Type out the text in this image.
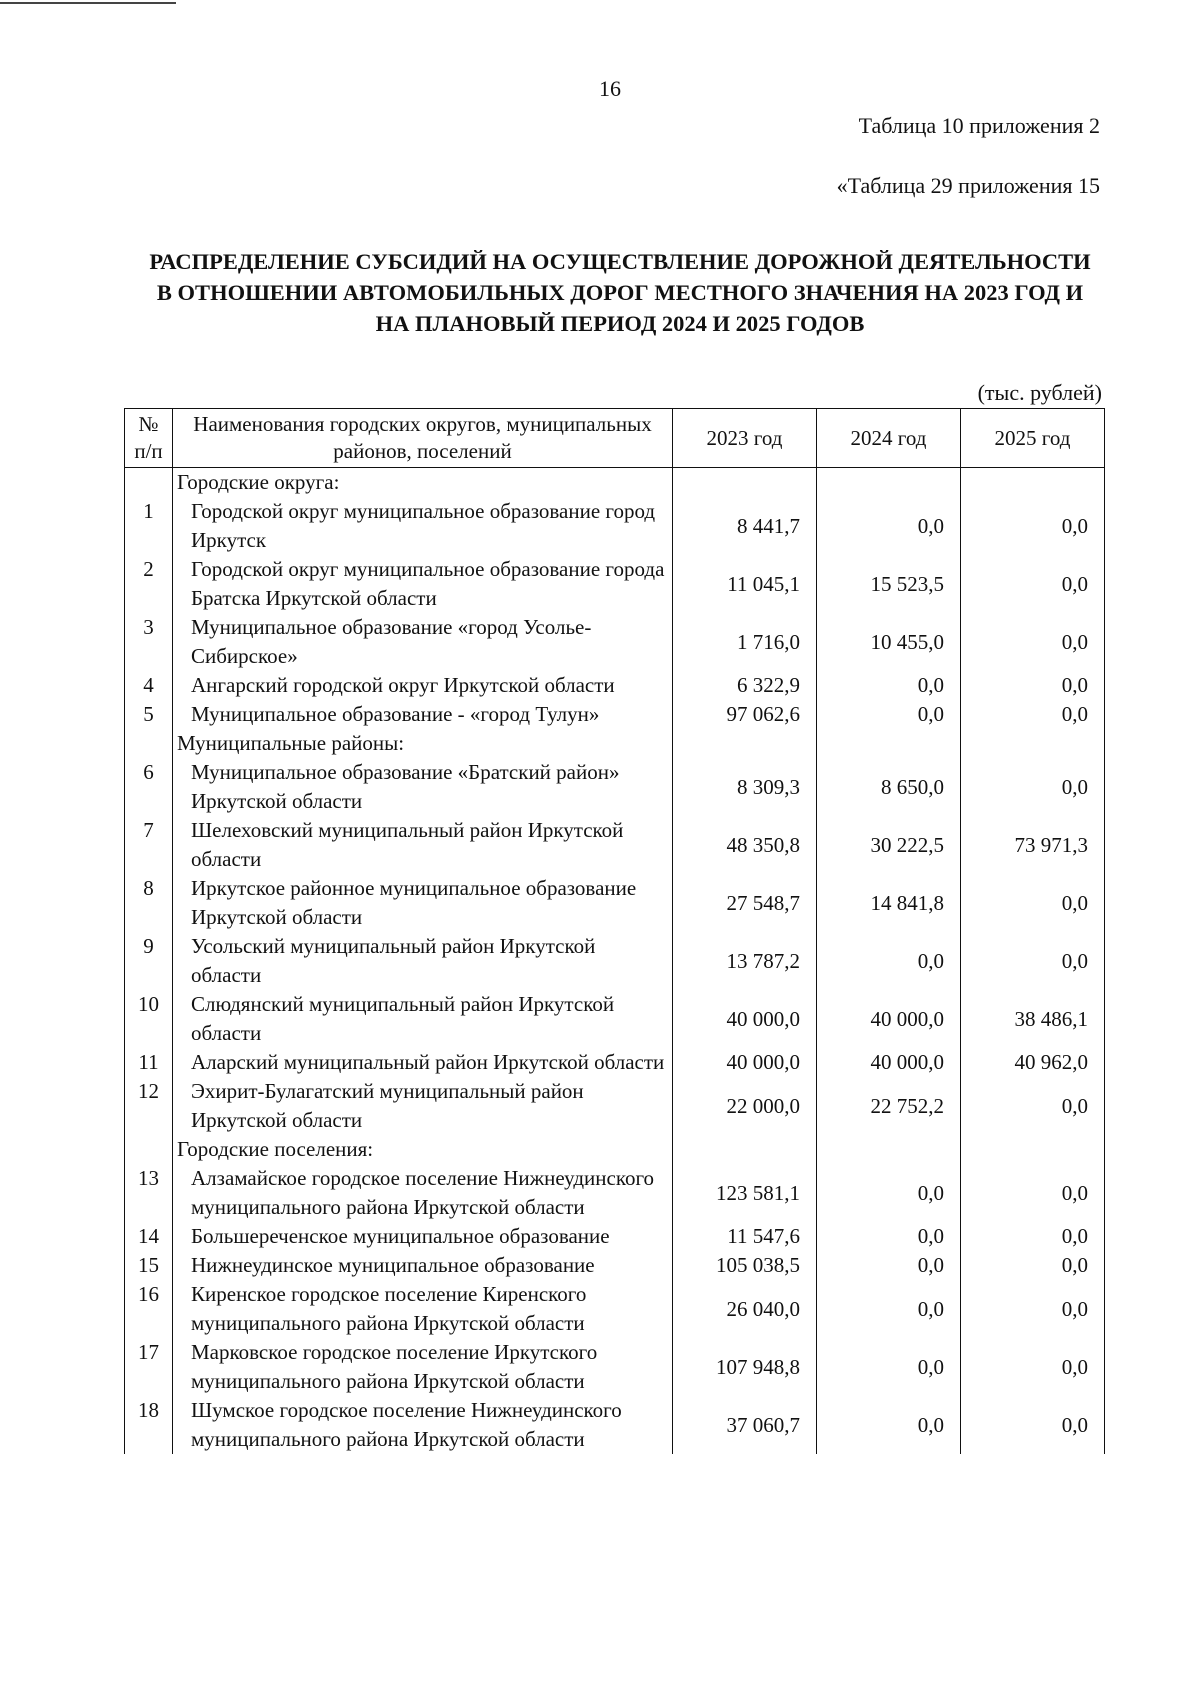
16
Таблица 10 приложения 2
«Таблица 29 приложения 15
РАСПРЕДЕЛЕНИЕ СУБСИДИЙ НА ОСУЩЕСТВЛЕНИЕ ДОРОЖНОЙ ДЕЯТЕЛЬНОСТИ В ОТНОШЕНИИ АВТОМОБИЛЬНЫХ ДОРОГ МЕСТНОГО ЗНАЧЕНИЯ НА 2023 ГОД И НА ПЛАНОВЫЙ ПЕРИОД 2024 И 2025 ГОДОВ
(тыс. рублей)
№ п/п	Наименования городских округов, муниципальных районов, поселений	2023 год	2024 год	2025 год
	Городские округа:			
1	Городской округ муниципальное образование город Иркутск	8 441,7	0,0	0,0
2	Городской округ муниципальное образование города Братска Иркутской области	11 045,1	15 523,5	0,0
3	Муниципальное образование «город Усолье-Сибирское»	1 716,0	10 455,0	0,0
4	Ангарский городской округ Иркутской области	6 322,9	0,0	0,0
5	Муниципальное образование - «город Тулун»	97 062,6	0,0	0,0
	Муниципальные районы:			
6	Муниципальное образование «Братский район» Иркутской области	8 309,3	8 650,0	0,0
7	Шелеховский муниципальный район Иркутской области	48 350,8	30 222,5	73 971,3
8	Иркутское районное муниципальное образование Иркутской области	27 548,7	14 841,8	0,0
9	Усольский муниципальный район Иркутской области	13 787,2	0,0	0,0
10	Слюдянский муниципальный район Иркутской области	40 000,0	40 000,0	38 486,1
11	Аларский муниципальный район Иркутской области	40 000,0	40 000,0	40 962,0
12	Эхирит-Булагатский муниципальный район Иркутской области	22 000,0	22 752,2	0,0
	Городские поселения:			
13	Алзамайское городское поселение Нижнеудинского муниципального района Иркутской области	123 581,1	0,0	0,0
14	Большереченское муниципальное образование	11 547,6	0,0	0,0
15	Нижнеудинское муниципальное образование	105 038,5	0,0	0,0
16	Киренское городское поселение Киренского муниципального района Иркутской области	26 040,0	0,0	0,0
17	Марковское городское поселение Иркутского муниципального района Иркутской области	107 948,8	0,0	0,0
18	Шумское городское поселение Нижнеудинского муниципального района Иркутской области	37 060,7	0,0	0,0
